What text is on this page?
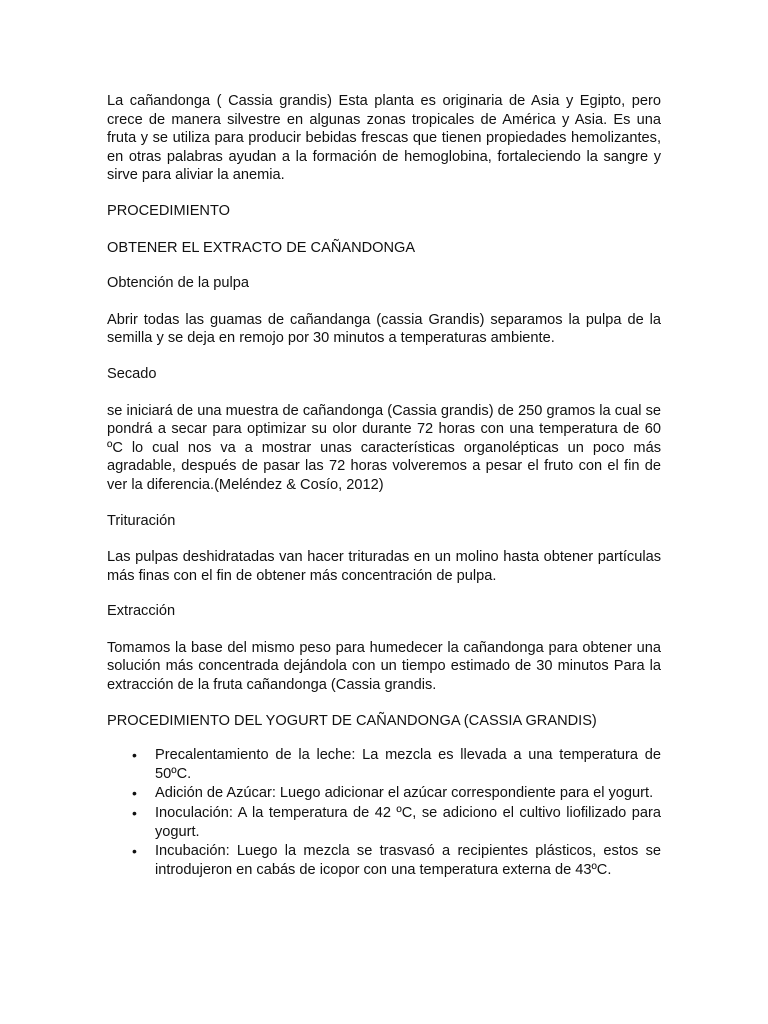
La cañandonga ( Cassia grandis) Esta planta es originaria de Asia y Egipto, pero crece de manera silvestre en algunas zonas tropicales de América y Asia. Es una fruta y se utiliza para producir bebidas frescas que tienen propiedades hemolizantes, en otras palabras ayudan a la formación de hemoglobina, fortaleciendo la sangre y sirve para aliviar la anemia.

PROCEDIMIENTO

OBTENER EL EXTRACTO DE CAÑANDONGA

Obtención de la pulpa

Abrir todas las guamas de cañandanga (cassia Grandis) separamos la pulpa de la semilla y se deja en remojo por 30 minutos a temperaturas ambiente.

Secado

se iniciará de una muestra de cañandonga (Cassia grandis) de 250 gramos la cual se pondrá a secar para optimizar su olor durante 72 horas con una temperatura de 60 ºC lo cual nos va a mostrar unas características organolépticas un poco más agradable, después de pasar las 72 horas volveremos a pesar el fruto con el fin de ver la diferencia.(Meléndez & Cosío, 2012)

Trituración

Las pulpas deshidratadas van hacer trituradas en un molino hasta obtener partículas más finas con el fin de obtener más concentración de pulpa.

Extracción

Tomamos la base del mismo peso para humedecer la cañandonga para obtener una solución más concentrada dejándola con un tiempo estimado de 30 minutos Para la extracción de la fruta cañandonga (Cassia grandis.

PROCEDIMIENTO DEL YOGURT DE CAÑANDONGA (CASSIA GRANDIS)

• Precalentamiento de la leche: La mezcla es llevada a una temperatura de 50ºC.
• Adición de Azúcar: Luego adicionar el azúcar correspondiente para el yogurt.
• Inoculación: A la temperatura de 42 ºC, se adiciono el cultivo liofilizado para yogurt.
• Incubación: Luego la mezcla se trasvasó a recipientes plásticos, estos se introdujeron en cabás de icopor con una temperatura externa de 43ºC.
